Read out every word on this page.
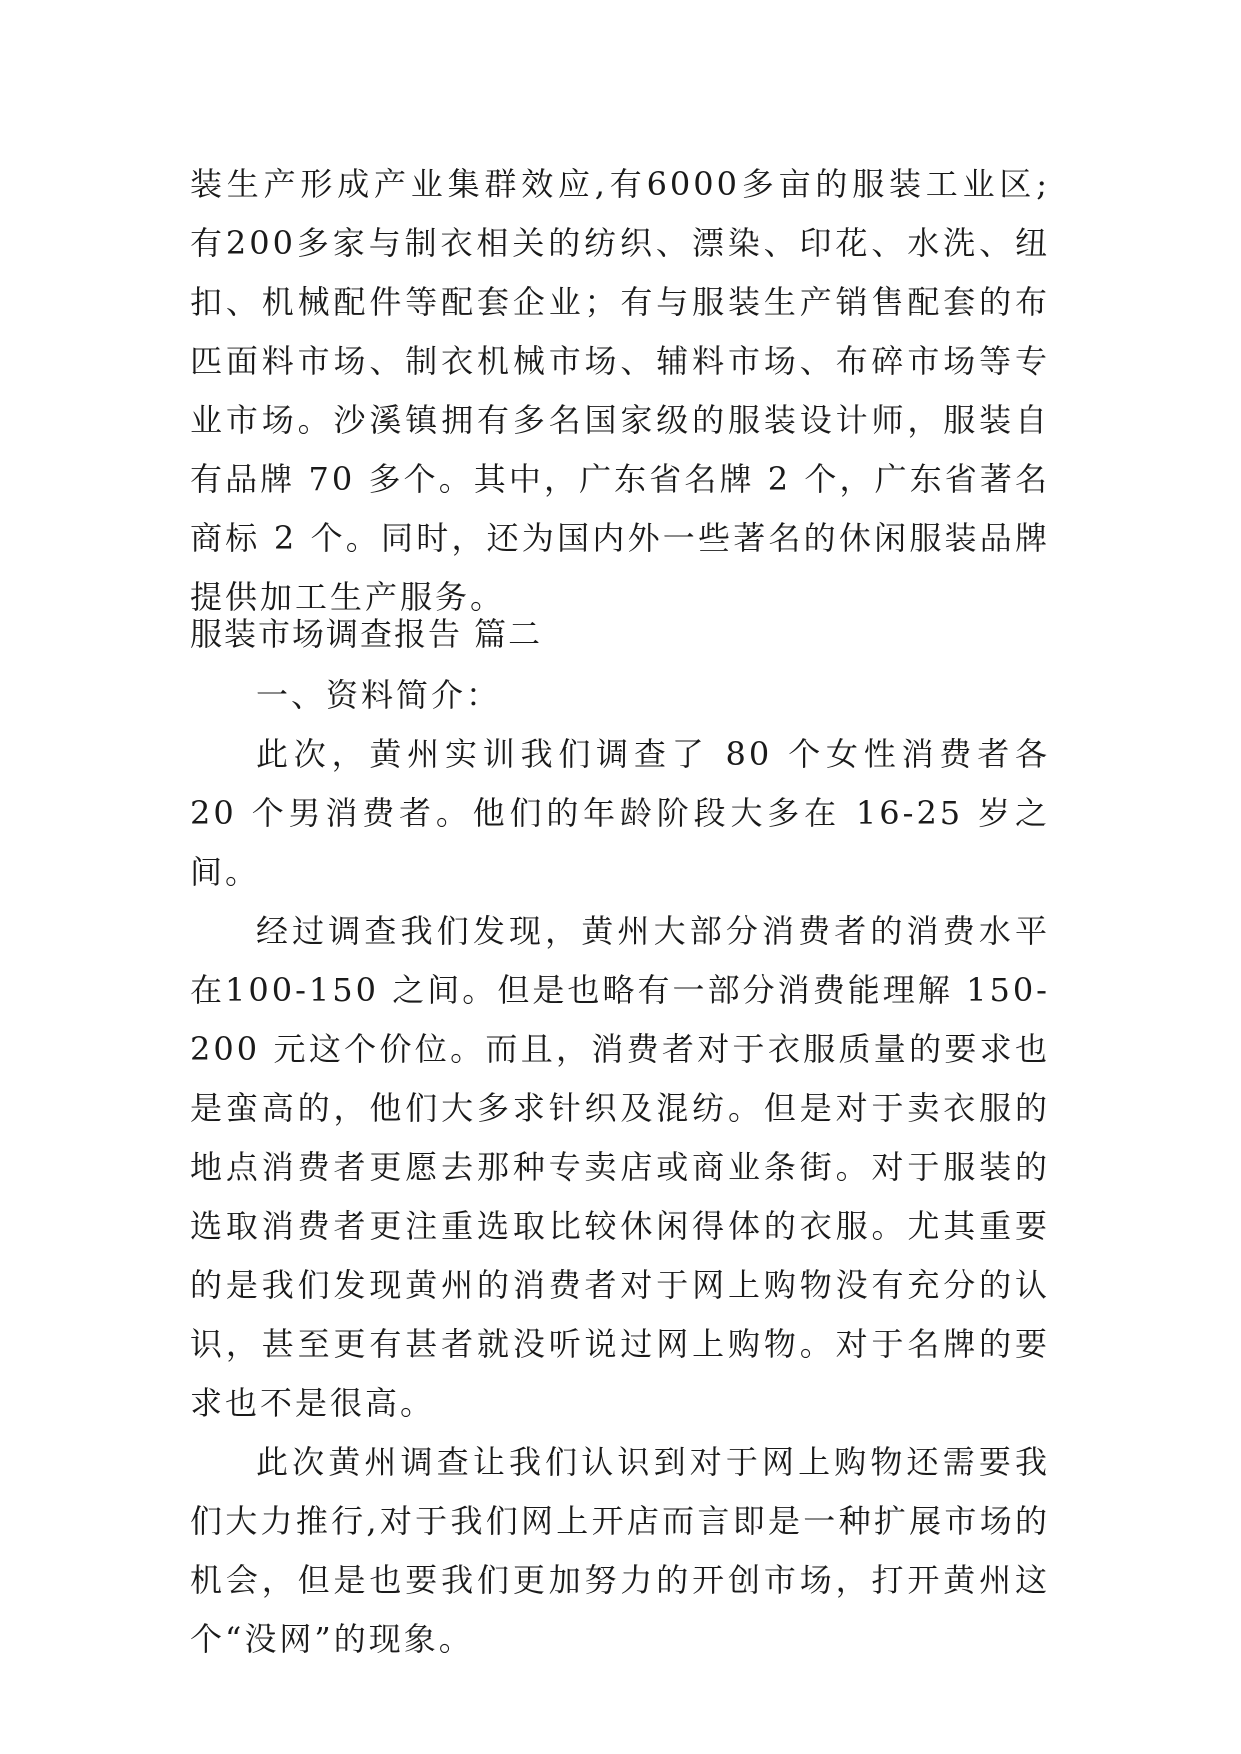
装生产形成产业集群效应,有6000多亩的服装工业区; 有200多家与制衣相关的纺织、漂染、印花、水洗、纽扣、机械配件等配套企业；有与服装生产销售配套的布匹面料市场、制衣机械市场、辅料市场、布碎市场等专业市场。沙溪镇拥有多名国家级的服装设计师，服装自有品牌 70 多个。其中，广东省名牌 2 个，广东省著名商标 2 个。同时，还为国内外一些著名的休闲服装品牌提供加工生产服务。

服装市场调查报告 篇二

一、资料简介：

此次，黄州实训我们调查了 80 个女性消费者各 20 个男消费者。他们的年龄阶段大多在 16-25 岁之间。

经过调查我们发现，黄州大部分消费者的消费水平在100-150 之间。但是也略有一部分消费能理解 150-200 元这个价位。而且，消费者对于衣服质量的要求也是蛮高的，他们大多求针织及混纺。但是对于卖衣服的地点消费者更愿去那种专卖店或商业条街。对于服装的选取消费者更注重选取比较休闲得体的衣服。尤其重要的是我们发现黄州的消费者对于网上购物没有充分的认识，甚至更有甚者就没听说过网上购物。对于名牌的要求也不是很高。

此次黄州调查让我们认识到对于网上购物还需要我们大力推行,对于我们网上开店而言即是一种扩展市场的机会，但是也要我们更加努力的开创市场，打开黄州这个“没网”的现象。
